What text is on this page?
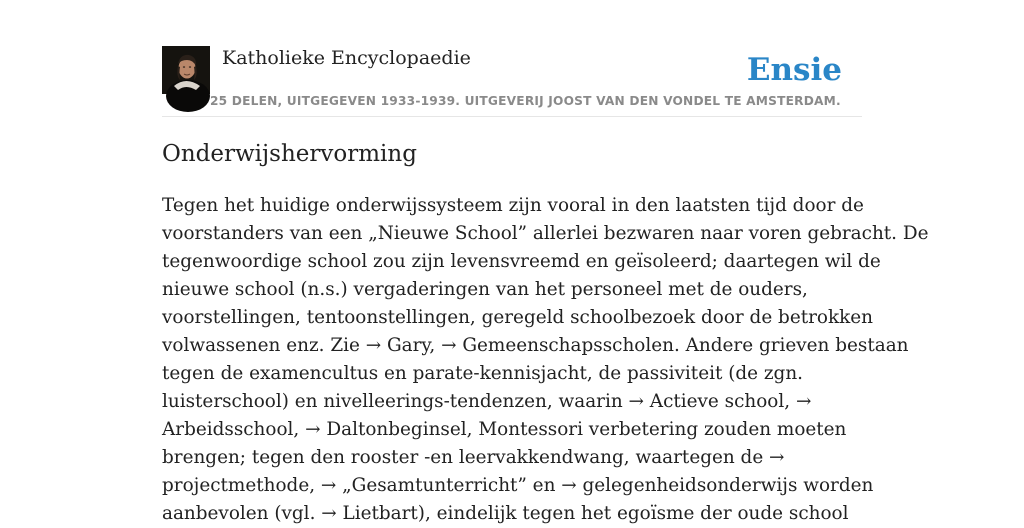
Katholieke Encyclopaedie
25 DELEN, UITGEGEVEN 1933-1939. UITGEVERIJ JOOST VAN DEN VONDEL TE AMSTERDAM.
Ensie
Onderwijshervorming

Tegen het huidige onderwijssysteem zijn vooral in den laatsten tijd door de
voorstanders van een „Nieuwe School” allerlei bezwaren naar voren gebracht. De
tegenwoordige school zou zijn levensvreemd en geïsoleerd; daartegen wil de
nieuwe school (n.s.) vergaderingen van het personeel met de ouders,
voorstellingen, tentoonstellingen, geregeld schoolbezoek door de betrokken
volwassenen enz. Zie → Gary, → Gemeenschapsscholen. Andere grieven bestaan
tegen de examencultus en parate-kennisjacht, de passiviteit (de zgn.
luisterschool) en nivelleerings-tendenzen, waarin → Actieve school, →
Arbeidsschool, → Daltonbeginsel, Montessori verbetering zouden moeten
brengen; tegen den rooster -en leervakkendwang, waartegen de →
projectmethode, → „Gesamtunterricht” en → gelegenheidsonderwijs worden
aanbevolen (vgl. → Lietbart), eindelijk tegen het egoïsme der oude school
